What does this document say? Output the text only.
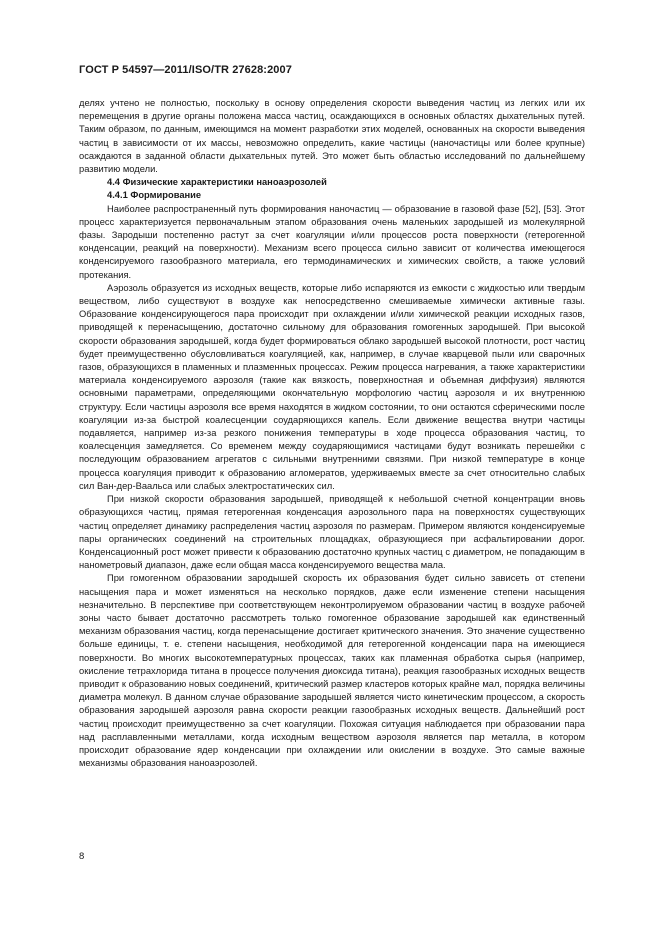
ГОСТ Р 54597—2011/ISO/TR 27628:2007

делях учтено не полностью, поскольку в основу определения скорости выведения частиц из легких или их перемещения в другие органы положена масса частиц, осаждающихся в основных областях дыхательных путей. Таким образом, по данным, имеющимся на момент разработки этих моделей, основанных на скорости выведения частиц в зависимости от их массы, невозможно определить, какие частицы (наночастицы или более крупные) осаждаются в заданной области дыхательных путей. Это может быть областью исследований по дальнейшему развитию модели.

4.4 Физические характеристики наноаэрозолей

4.4.1 Формирование

Наиболее распространенный путь формирования наночастиц — образование в газовой фазе [52], [53]. Этот процесс характеризуется первоначальным этапом образования очень маленьких зародышей из молекулярной фазы. Зародыши постепенно растут за счет коагуляции и/или процессов роста поверхности (гетерогенной конденсации, реакций на поверхности). Механизм всего процесса сильно зависит от количества имеющегося конденсируемого газообразного материала, его термодинамических и химических свойств, а также условий протекания.

Аэрозоль образуется из исходных веществ, которые либо испаряются из емкости с жидкостью или твердым веществом, либо существуют в воздухе как непосредственно смешиваемые химически активные газы. Образование конденсирующегося пара происходит при охлаждении и/или химической реакции исходных газов, приводящей к перенасыщению, достаточно сильному для образования гомогенных зародышей. При высокой скорости образования зародышей, когда будет формироваться облако зародышей высокой плотности, рост частиц будет преимущественно обусловливаться коагуляцией, как, например, в случае кварцевой пыли или сварочных газов, образующихся в пламенных и плазменных процессах. Режим процесса нагревания, а также характеристики материала конденсируемого аэрозоля (такие как вязкость, поверхностная и объемная диффузия) являются основными параметрами, определяющими окончательную морфологию частиц аэрозоля и их внутреннюю структуру. Если частицы аэрозоля все время находятся в жидком состоянии, то они остаются сферическими после коагуляции из-за быстрой коалесценции соударяющихся капель. Если движение вещества внутри частицы подавляется, например из-за резкого понижения температуры в ходе процесса образования частиц, то коалесценция замедляется. Со временем между соударяющимися частицами будут возникать перешейки с последующим образованием агрегатов с сильными внутренними связями. При низкой температуре в конце процесса коагуляция приводит к образованию агломератов, удерживаемых вместе за счет относительно слабых сил Ван-дер-Ваальса или слабых электростатических сил.

При низкой скорости образования зародышей, приводящей к небольшой счетной концентрации вновь образующихся частиц, прямая гетерогенная конденсация аэрозольного пара на поверхностях существующих частиц определяет динамику распределения частиц аэрозоля по размерам. Примером являются конденсируемые пары органических соединений на строительных площадках, образующиеся при асфальтировании дорог. Конденсационный рост может привести к образованию достаточно крупных частиц с диаметром, не попадающим в нанометровый диапазон, даже если общая масса конденсируемого вещества мала.

При гомогенном образовании зародышей скорость их образования будет сильно зависеть от степени насыщения пара и может изменяться на несколько порядков, даже если изменение степени насыщения незначительно. В перспективе при соответствующем неконтролируемом образовании частиц в воздухе рабочей зоны часто бывает достаточно рассмотреть только гомогенное образование зародышей как единственный механизм образования частиц, когда перенасыщение достигает критического значения. Это значение существенно больше единицы, т. е. степени насыщения, необходимой для гетерогенной конденсации пара на имеющиеся поверхности. Во многих высокотемпературных процессах, таких как пламенная обработка сырья (например, окисление тетрахлорида титана в процессе получения диоксида титана), реакция газообразных исходных веществ приводит к образованию новых соединений, критический размер кластеров которых крайне мал, порядка величины диаметра молекул. В данном случае образование зародышей является чисто кинетическим процессом, а скорость образования зародышей аэрозоля равна скорости реакции газообразных исходных веществ. Дальнейший рост частиц происходит преимущественно за счет коагуляции. Похожая ситуация наблюдается при образовании пара над расплавленными металлами, когда исходным веществом аэрозоля является пар металла, в котором происходит образование ядер конденсации при охлаждении или окислении в воздухе. Это самые важные механизмы образования наноаэрозолей.

8
